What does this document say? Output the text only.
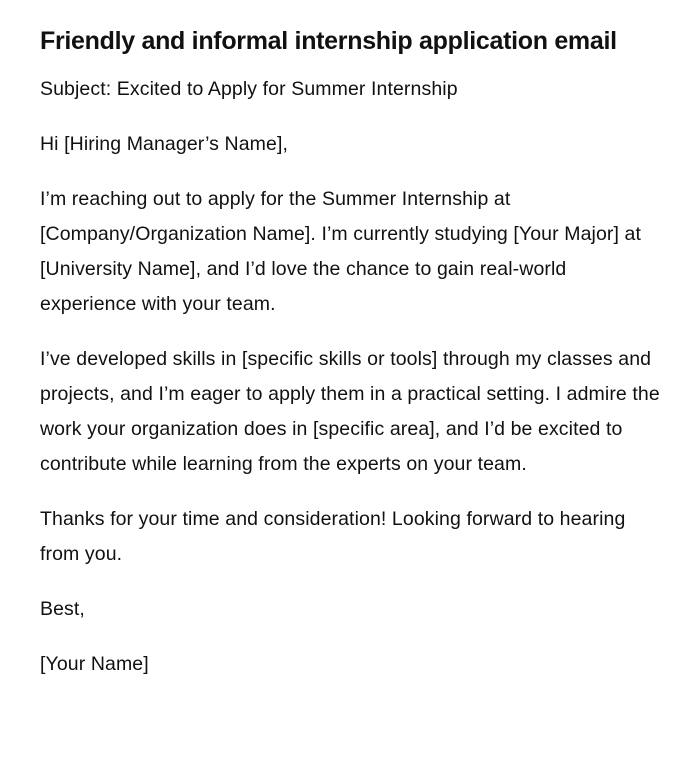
Friendly and informal internship application email

Subject: Excited to Apply for Summer Internship

Hi [Hiring Manager’s Name],

I’m reaching out to apply for the Summer Internship at [Company/Organization Name]. I’m currently studying [Your Major] at [University Name], and I’d love the chance to gain real-world experience with your team.

I’ve developed skills in [specific skills or tools] through my classes and projects, and I’m eager to apply them in a practical setting. I admire the work your organization does in [specific area], and I’d be excited to contribute while learning from the experts on your team.

Thanks for your time and consideration! Looking forward to hearing from you.

Best,

[Your Name]
